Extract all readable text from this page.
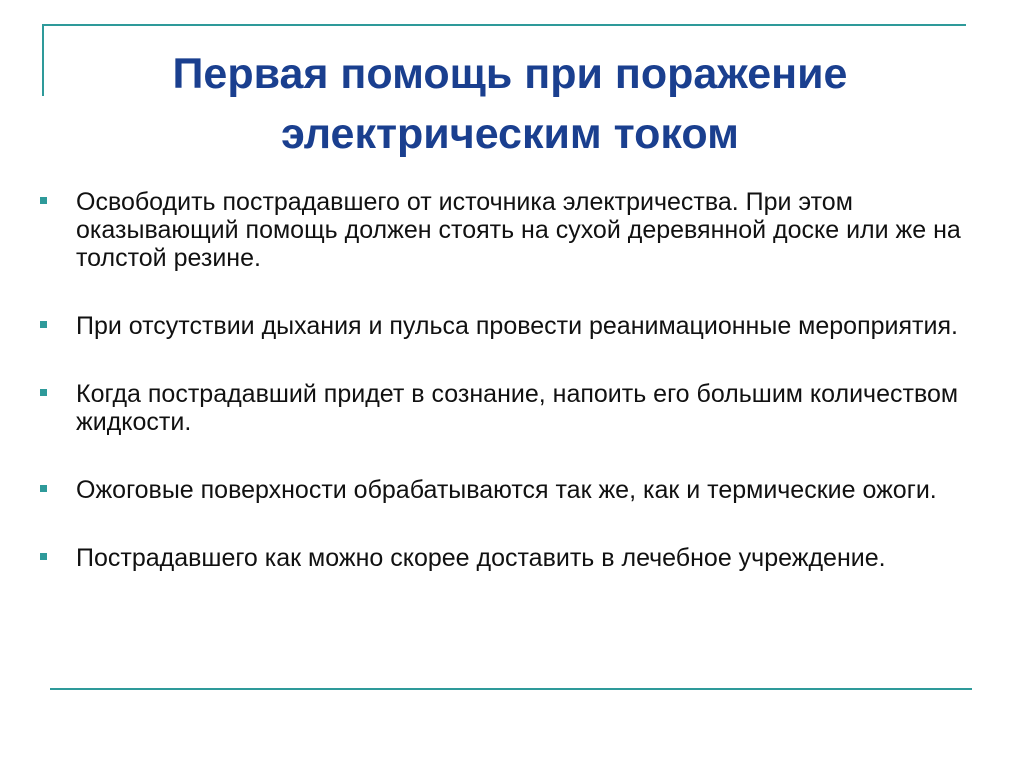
Первая помощь при поражение
электрическим током
Освободить пострадавшего от источника электричества. При этом оказывающий помощь должен стоять на сухой деревянной доске или же на толстой резине.
При отсутствии дыхания и пульса провести реанимационные мероприятия.
Когда пострадавший придет в сознание, напоить его большим количеством жидкости.
Ожоговые поверхности обрабатываются так же, как и термические ожоги.
Пострадавшего как можно скорее доставить в лечебное учреждение.
